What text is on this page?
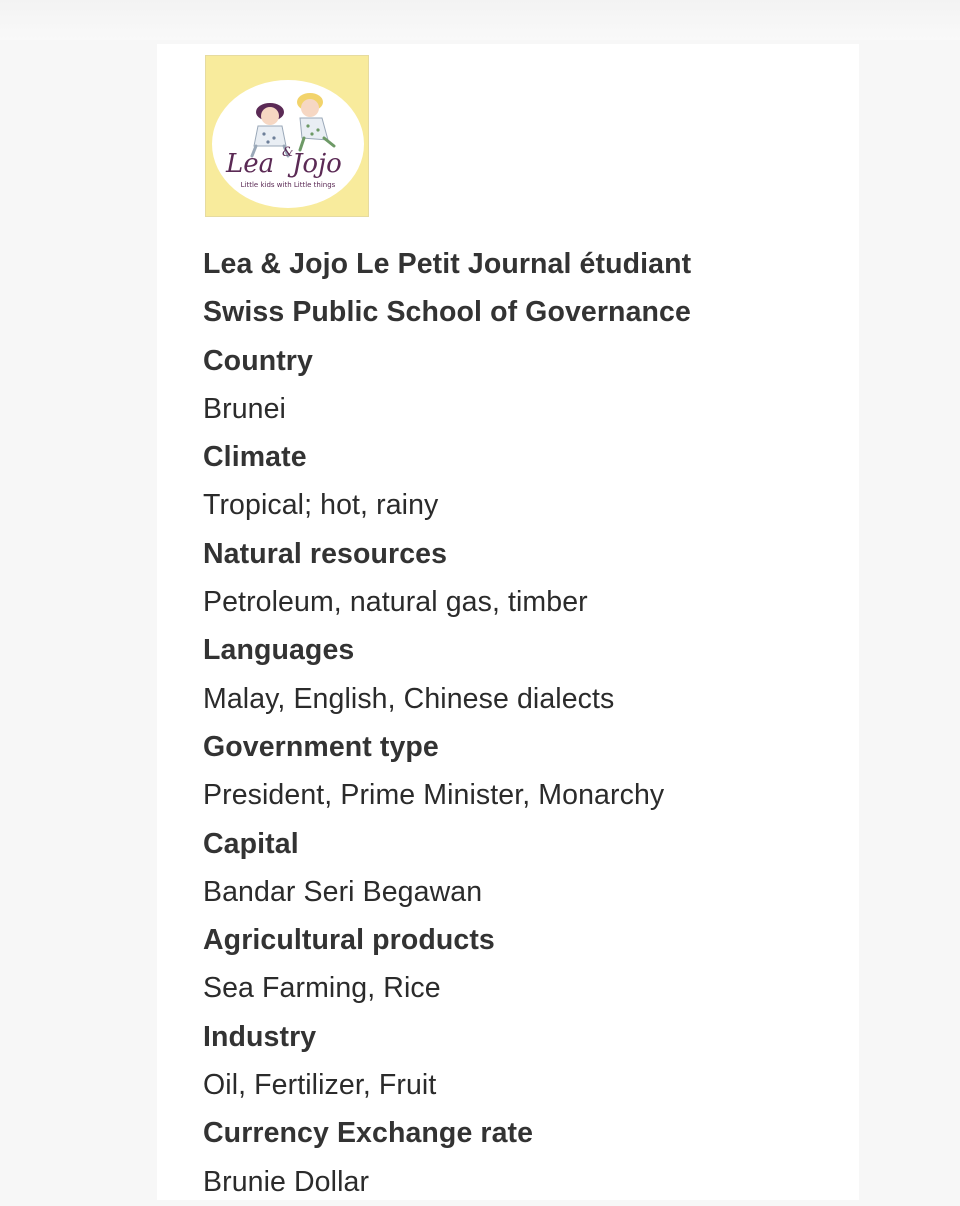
Lea &
Jojo
Little kids with Little things
Lea & Jojo Le Petit Journal étudiant
Swiss Public School of Governance
Country
Brunei
Climate
Tropical; hot, rainy
Natural resources
Petroleum, natural gas, timber
Languages
Malay, English, Chinese dialects
Government type
President, Prime Minister, Monarchy
Capital
Bandar Seri Begawan
Agricultural products
Sea Farming, Rice
Industry
Oil, Fertilizer, Fruit
Currency Exchange rate
Brunie Dollar
